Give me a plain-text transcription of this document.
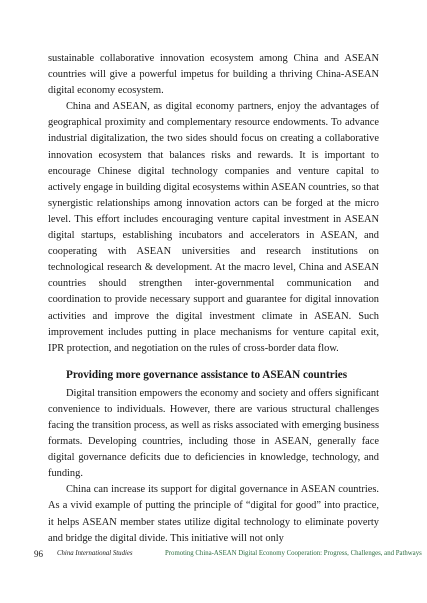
sustainable collaborative innovation ecosystem among China and ASEAN countries will give a powerful impetus for building a thriving China-ASEAN digital economy ecosystem.

China and ASEAN, as digital economy partners, enjoy the advantages of geographical proximity and complementary resource endowments. To advance industrial digitalization, the two sides should focus on creating a collaborative innovation ecosystem that balances risks and rewards. It is important to encourage Chinese digital technology companies and venture capital to actively engage in building digital ecosystems within ASEAN countries, so that synergistic relationships among innovation actors can be forged at the micro level. This effort includes encouraging venture capital investment in ASEAN digital startups, establishing incubators and accelerators in ASEAN, and cooperating with ASEAN universities and research institutions on technological research & development. At the macro level, China and ASEAN countries should strengthen inter-governmental communication and coordination to provide necessary support and guarantee for digital innovation activities and improve the digital investment climate in ASEAN. Such improvement includes putting in place mechanisms for venture capital exit, IPR protection, and negotiation on the rules of cross-border data flow.

Providing more governance assistance to ASEAN countries

Digital transition empowers the economy and society and offers significant convenience to individuals. However, there are various structural challenges facing the transition process, as well as risks associated with emerging business formats. Developing countries, including those in ASEAN, generally face digital governance deficits due to deficiencies in knowledge, technology, and funding.

China can increase its support for digital governance in ASEAN countries. As a vivid example of putting the principle of “digital for good” into practice, it helps ASEAN member states utilize digital technology to eliminate poverty and bridge the digital divide. This initiative will not only

96 China International Studies	Promoting China-ASEAN Digital Economy Cooperation: Progress, Challenges, and Pathways
